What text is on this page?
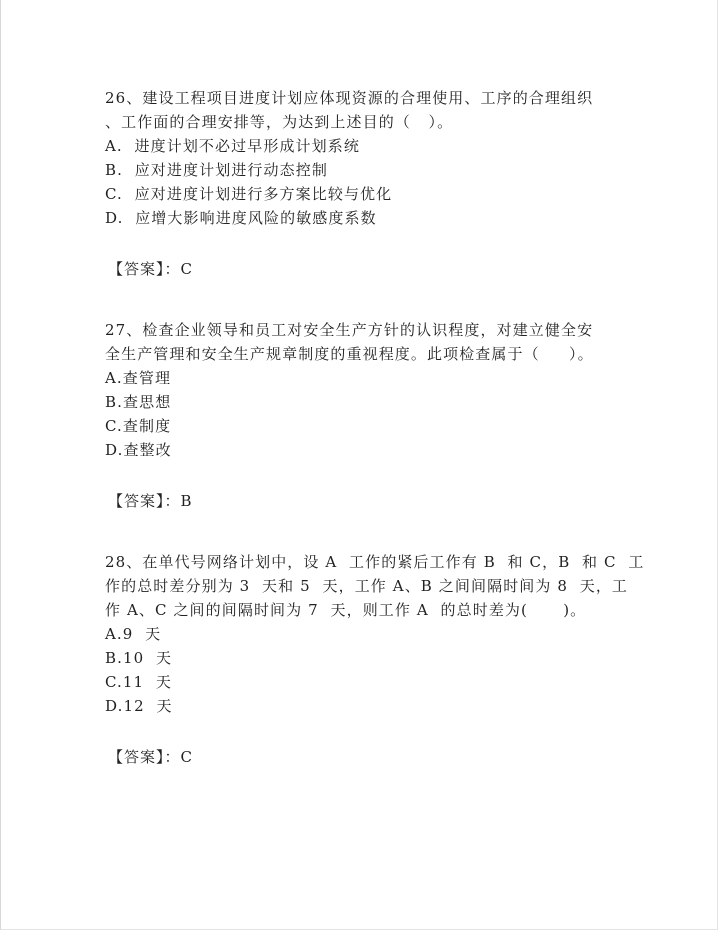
26、建设工程项目进度计划应体现资源的合理使用、工序的合理组织
、工作面的合理安排等，为达到上述目的（   ）。
A.  进度计划不必过早形成计划系统
B.  应对进度计划进行动态控制
C.  应对进度计划进行多方案比较与优化
D.  应增大影响进度风险的敏感度系数
【答案】：C
27、检查企业领导和员工对安全生产方针的认识程度，对建立健全安
全生产管理和安全生产规章制度的重视程度。此项检查属于（     ）。
A.查管理
B.查思想
C.查制度
D.查整改
【答案】：B
28、在单代号网络计划中，设 A  工作的紧后工作有 B  和 C，B  和 C  工
作的总时差分别为 3  天和 5  天，工作 A、B 之间间隔时间为 8  天，工
作 A、C 之间的间隔时间为 7  天，则工作 A  的总时差为(      )。
A.9  天
B.10  天
C.11  天
D.12  天
【答案】：C
